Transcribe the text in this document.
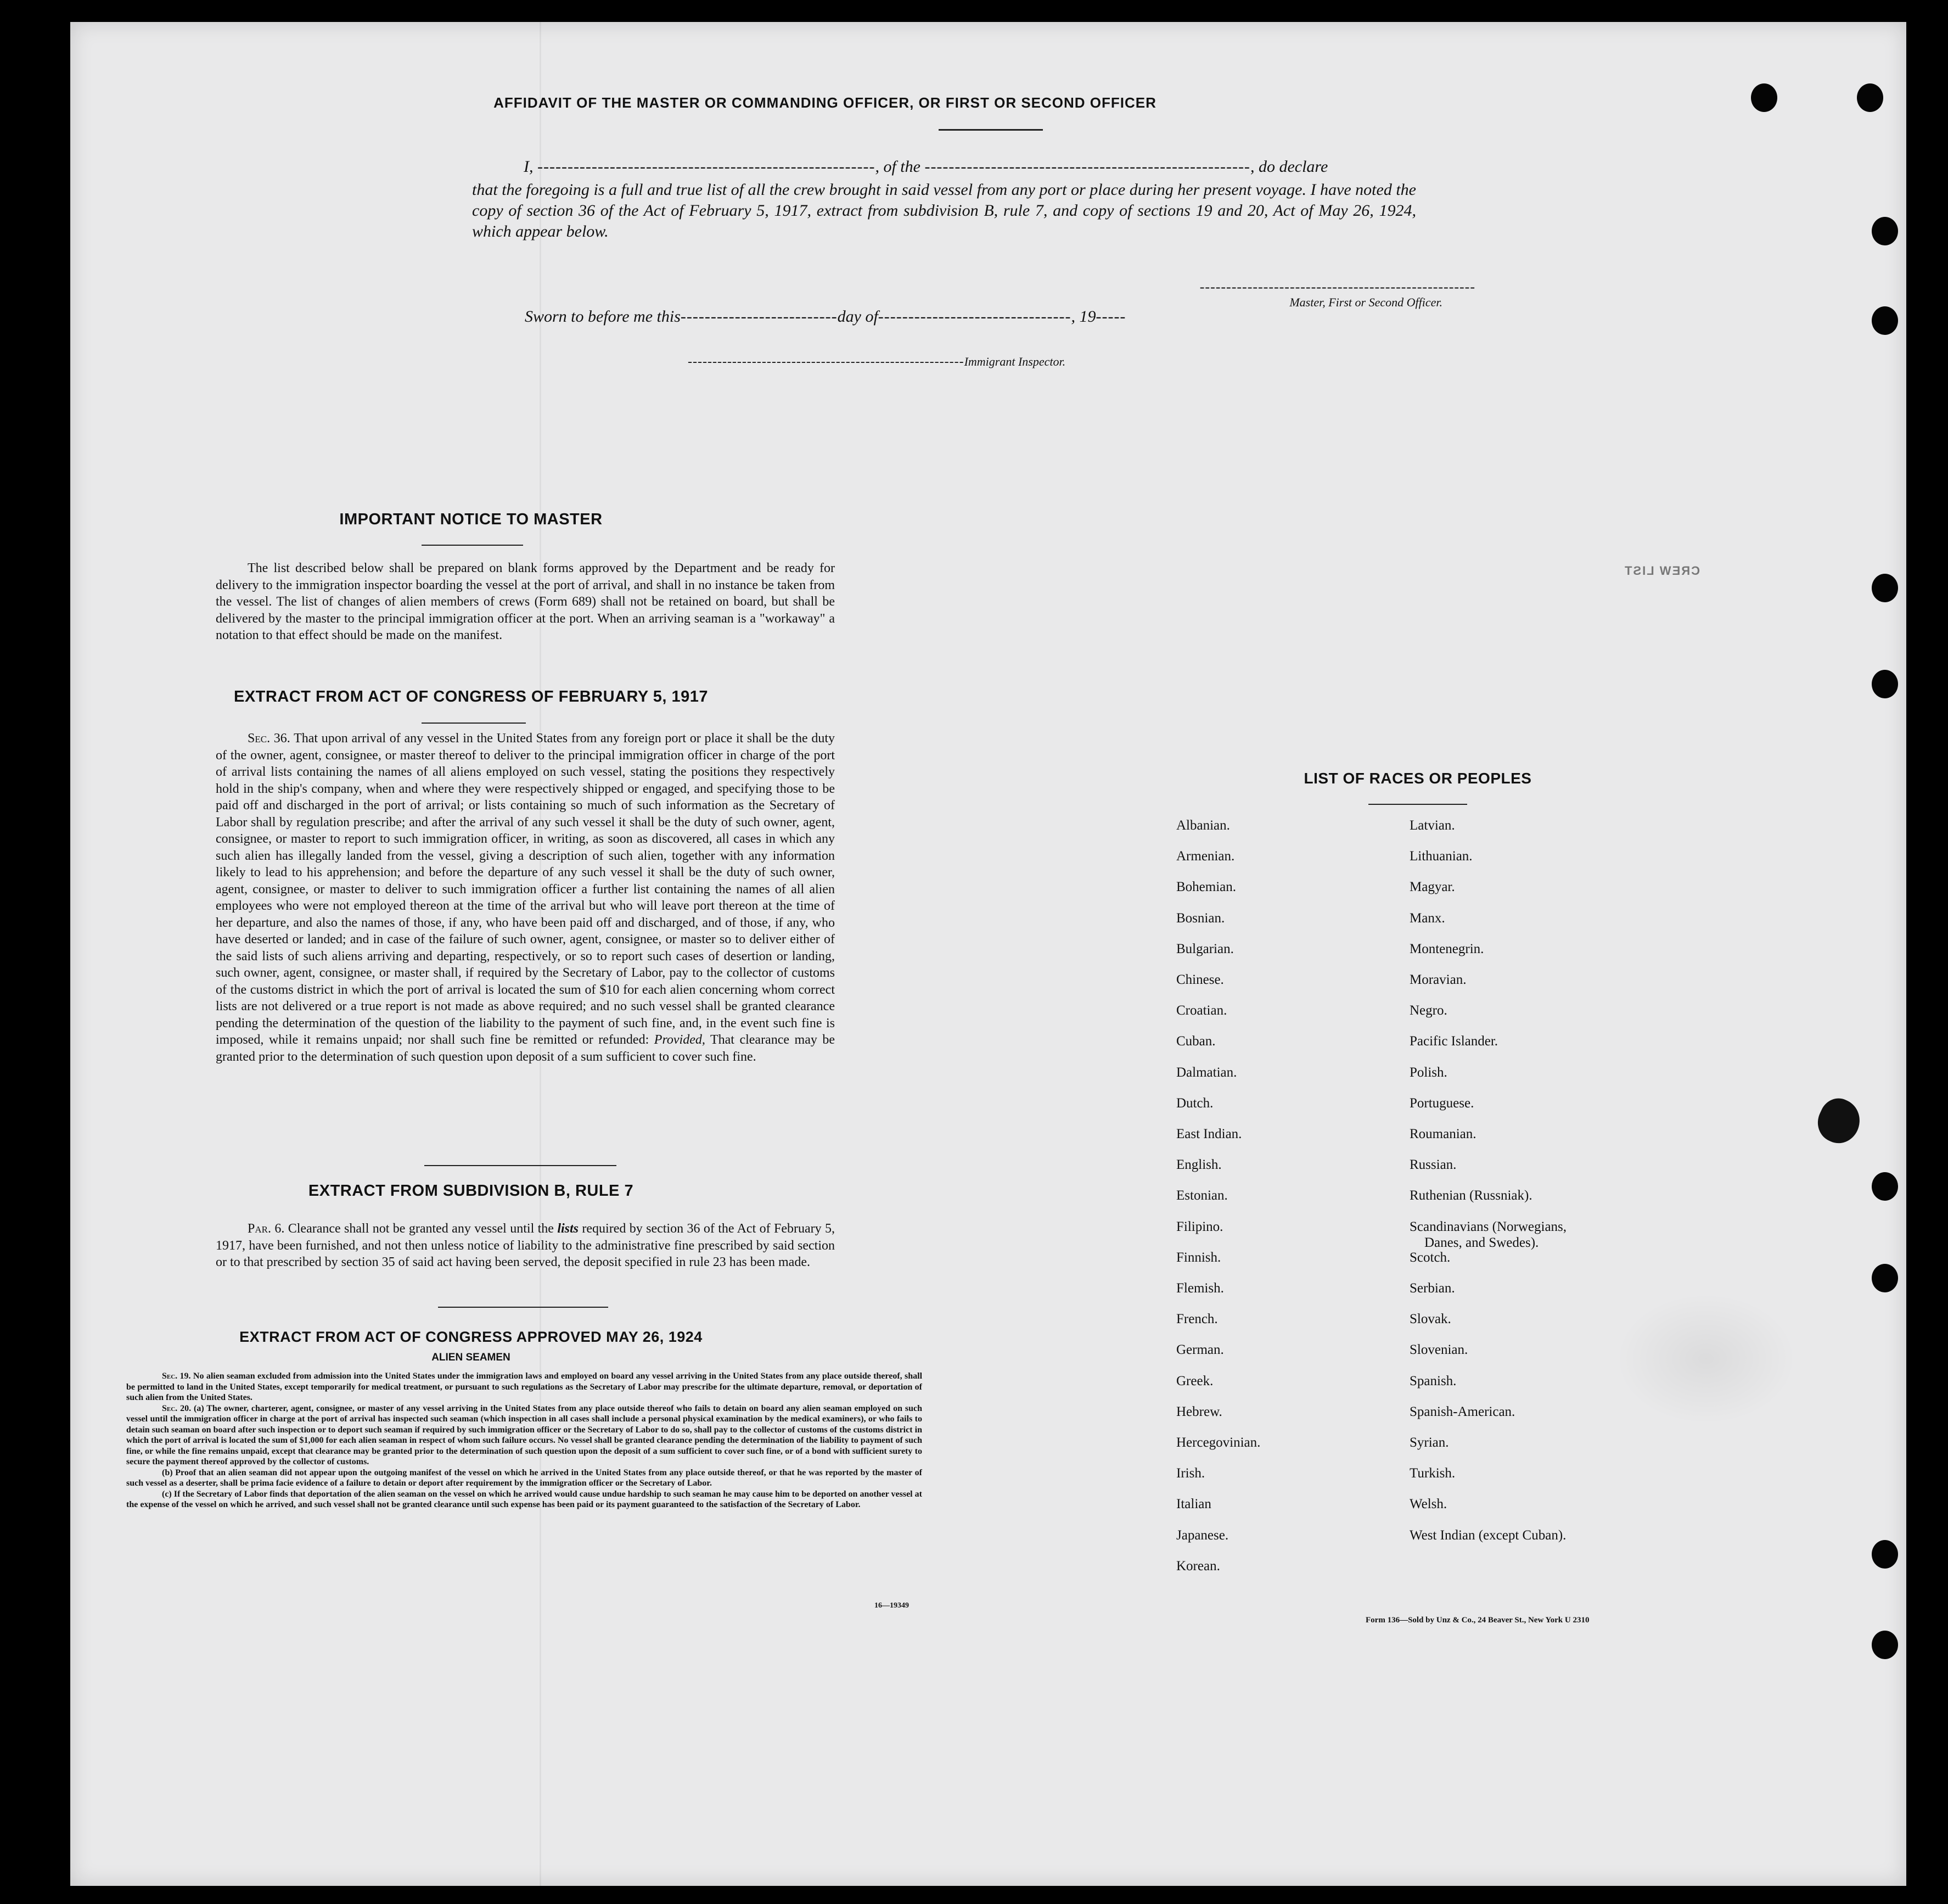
CREW LIST
AFFIDAVIT OF THE MASTER OR COMMANDING OFFICER, OR FIRST OR SECOND OFFICER
I, --------------------------------------------------------, of the ------------------------------------------------------, do declare
that the foregoing is a full and true list of all the crew brought in said vessel from any port or place during her present voyage. I have noted the copy of section 36 of the Act of February 5, 1917, extract from subdivision B, rule 7, and copy of sections 19 and 20, Act of May 26, 1924, which appear below.
----------------------------------------------------
Master, First or Second Officer.
Sworn to before me this--------------------------day of--------------------------------, 19-----
--------------------------------------------------------Immigrant Inspector.
IMPORTANT NOTICE TO MASTER
The list described below shall be prepared on blank forms approved by the Department and be ready for delivery to the immigration inspector boarding the vessel at the port of arrival, and shall in no instance be taken from the vessel. The list of changes of alien members of crews (Form 689) shall not be retained on board, but shall be delivered by the master to the principal immigration officer at the port. When an arriving seaman is a "workaway" a notation to that effect should be made on the manifest.
EXTRACT FROM ACT OF CONGRESS OF FEBRUARY 5, 1917
Sec. 36. That upon arrival of any vessel in the United States from any foreign port or place it shall be the duty of the owner, agent, consignee, or master thereof to deliver to the principal immigration officer in charge of the port of arrival lists containing the names of all aliens employed on such vessel, stating the positions they respectively hold in the ship's company, when and where they were respectively shipped or engaged, and specifying those to be paid off and discharged in the port of arrival; or lists containing so much of such information as the Secretary of Labor shall by regulation prescribe; and after the arrival of any such vessel it shall be the duty of such owner, agent, consignee, or master to report to such immigration officer, in writing, as soon as discovered, all cases in which any such alien has illegally landed from the vessel, giving a description of such alien, together with any information likely to lead to his apprehension; and before the departure of any such vessel it shall be the duty of such owner, agent, consignee, or master to deliver to such immigration officer a further list containing the names of all alien employees who were not employed thereon at the time of the arrival but who will leave port thereon at the time of her departure, and also the names of those, if any, who have been paid off and discharged, and of those, if any, who have deserted or landed; and in case of the failure of such owner, agent, consignee, or master so to deliver either of the said lists of such aliens arriving and departing, respectively, or so to report such cases of desertion or landing, such owner, agent, consignee, or master shall, if required by the Secretary of Labor, pay to the collector of customs of the customs district in which the port of arrival is located the sum of $10 for each alien concerning whom correct lists are not delivered or a true report is not made as above required; and no such vessel shall be granted clearance pending the determination of the question of the liability to the payment of such fine, and, in the event such fine is imposed, while it remains unpaid; nor shall such fine be remitted or refunded: Provided, That clearance may be granted prior to the determination of such question upon deposit of a sum sufficient to cover such fine.
EXTRACT FROM SUBDIVISION B, RULE 7
Par. 6. Clearance shall not be granted any vessel until the lists required by section 36 of the Act of February 5, 1917, have been furnished, and not then unless notice of liability to the administrative fine prescribed by said section or to that prescribed by section 35 of said act having been served, the deposit specified in rule 23 has been made.
EXTRACT FROM ACT OF CONGRESS APPROVED MAY 26, 1924
ALIEN SEAMEN
Sec. 19. No alien seaman excluded from admission into the United States under the immigration laws and employed on board any vessel arriving in the United States from any place outside thereof, shall be permitted to land in the United States, except temporarily for medical treatment, or pursuant to such regulations as the Secretary of Labor may prescribe for the ultimate departure, removal, or deportation of such alien from the United States.
Sec. 20. (a) The owner, charterer, agent, consignee, or master of any vessel arriving in the United States from any place outside thereof who fails to detain on board any alien seaman employed on such vessel until the immigration officer in charge at the port of arrival has inspected such seaman (which inspection in all cases shall include a personal physical examination by the medical examiners), or who fails to detain such seaman on board after such inspection or to deport such seaman if required by such immigration officer or the Secretary of Labor to do so, shall pay to the collector of customs of the customs district in which the port of arrival is located the sum of $1,000 for each alien seaman in respect of whom such failure occurs. No vessel shall be granted clearance pending the determination of the liability to payment of such fine, or while the fine remains unpaid, except that clearance may be granted prior to the determination of such question upon the deposit of a sum sufficient to cover such fine, or of a bond with sufficient surety to secure the payment thereof approved by the collector of customs.
(b) Proof that an alien seaman did not appear upon the outgoing manifest of the vessel on which he arrived in the United States from any place outside thereof, or that he was reported by the master of such vessel as a deserter, shall be prima facie evidence of a failure to detain or deport after requirement by the immigration officer or the Secretary of Labor.
(c) If the Secretary of Labor finds that deportation of the alien seaman on the vessel on which he arrived would cause undue hardship to such seaman he may cause him to be deported on another vessel at the expense of the vessel on which he arrived, and such vessel shall not be granted clearance until such expense has been paid or its payment guaranteed to the satisfaction of the Secretary of Labor.
16—19349
LIST OF RACES OR PEOPLES
Albanian.
Armenian.
Bohemian.
Bosnian.
Bulgarian.
Chinese.
Croatian.
Cuban.
Dalmatian.
Dutch.
East Indian.
English.
Estonian.
Filipino.
Finnish.
Flemish.
French.
German.
Greek.
Hebrew.
Hercegovinian.
Irish.
Italian
Japanese.
Korean.
Latvian.
Lithuanian.
Magyar.
Manx.
Montenegrin.
Moravian.
Negro.
Pacific Islander.
Polish.
Portuguese.
Roumanian.
Russian.
Ruthenian (Russniak).
Scandinavians (Norwegians,
Danes, and Swedes).
Scotch.
Serbian.
Slovak.
Slovenian.
Spanish.
Spanish-American.
Syrian.
Turkish.
Welsh.
West Indian (except Cuban).
Form 136—Sold by Unz & Co., 24 Beaver St., New York U 2310
